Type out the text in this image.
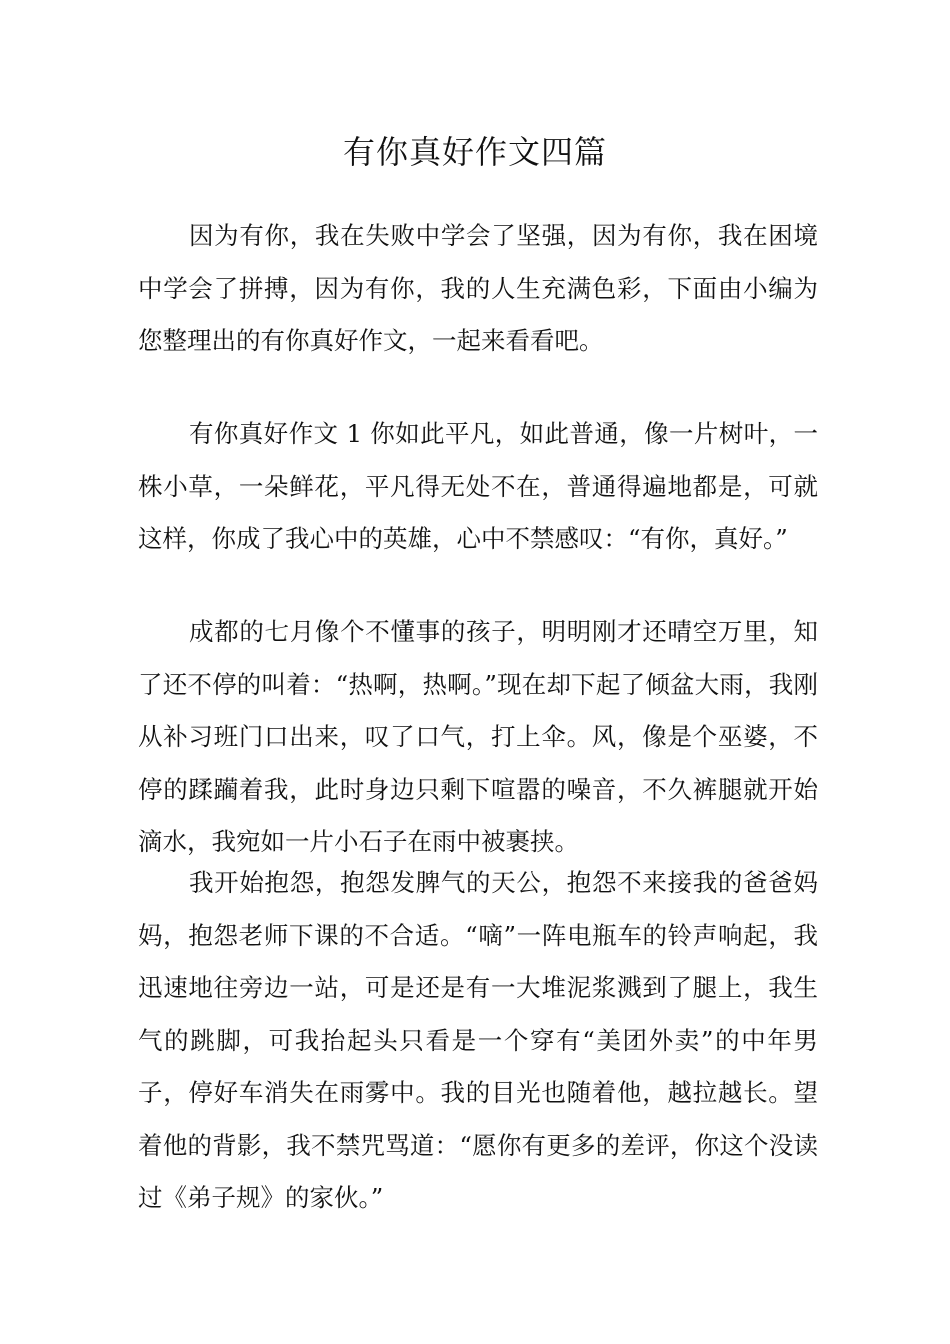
有你真好作文四篇
因为有你，我在失败中学会了坚强，因为有你，我在困境中学会了拼搏，因为有你，我的人生充满色彩，下面由小编为您整理出的有你真好作文，一起来看看吧。
有你真好作文 1 你如此平凡，如此普通，像一片树叶，一株小草，一朵鲜花，平凡得无处不在，普通得遍地都是，可就这样，你成了我心中的英雄，心中不禁感叹：“有你，真好。”
成都的七月像个不懂事的孩子，明明刚才还晴空万里，知了还不停的叫着：“热啊，热啊。”现在却下起了倾盆大雨，我刚从补习班门口出来，叹了口气，打上伞。风，像是个巫婆，不停的蹂躏着我，此时身边只剩下喧嚣的噪音，不久裤腿就开始滴水，我宛如一片小石子在雨中被裹挟。
我开始抱怨，抱怨发脾气的天公，抱怨不来接我的爸爸妈妈，抱怨老师下课的不合适。“嘀”一阵电瓶车的铃声响起，我迅速地往旁边一站，可是还是有一大堆泥浆溅到了腿上，我生气的跳脚，可我抬起头只看是一个穿有“美团外卖”的中年男子，停好车消失在雨雾中。我的目光也随着他，越拉越长。望着他的背影，我不禁咒骂道：“愿你有更多的差评，你这个没读过《弟子规》的家伙。”
